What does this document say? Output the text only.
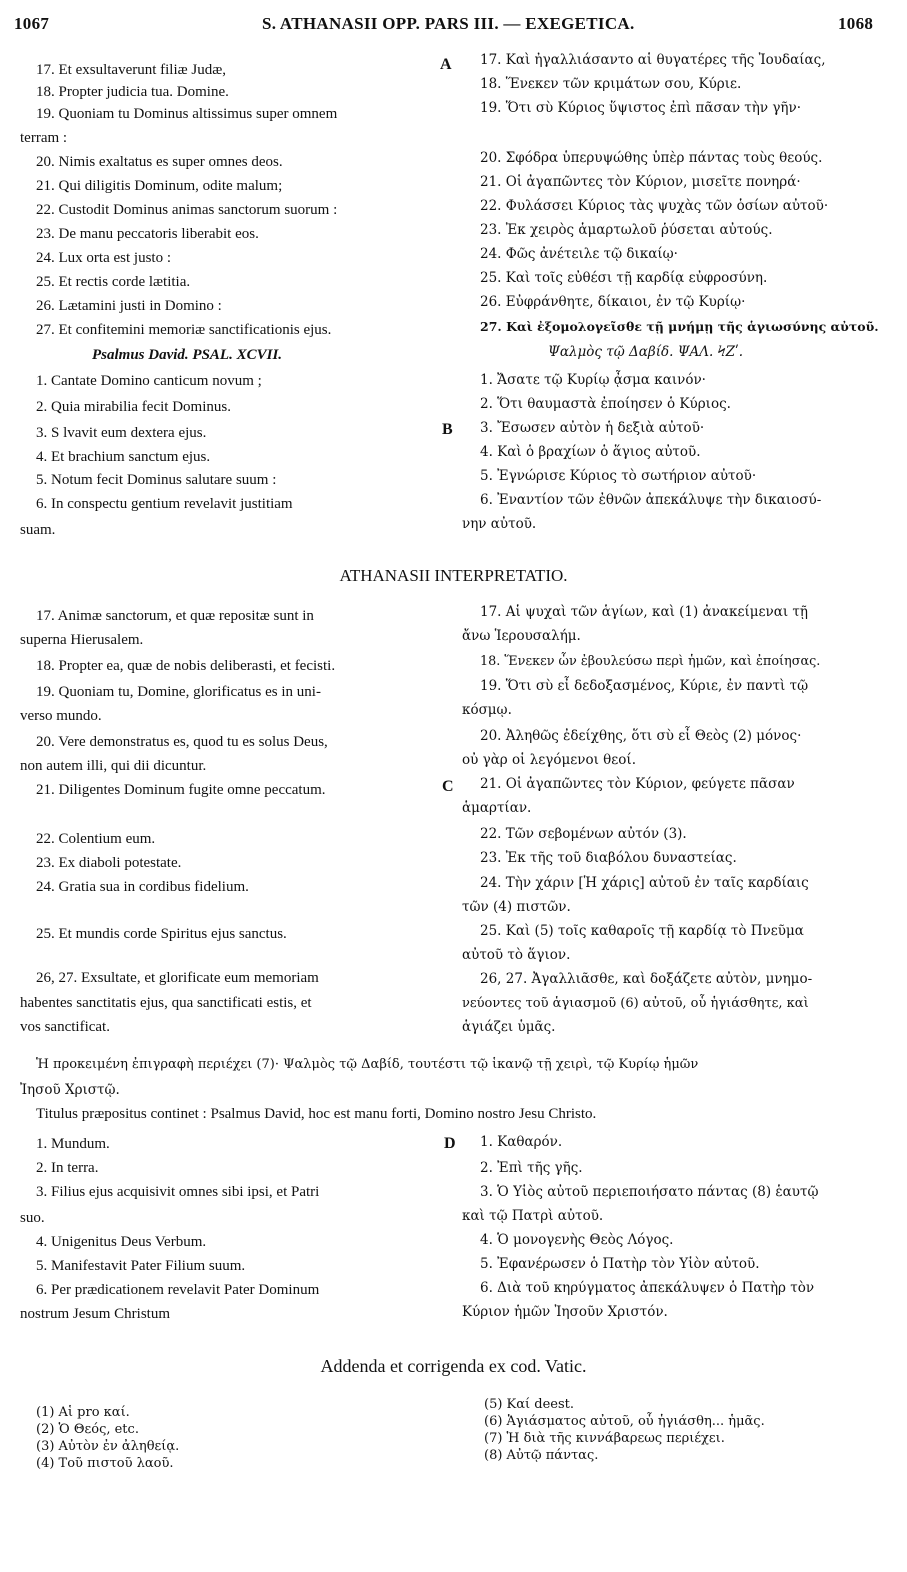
1067	S. ATHANASII OPP. PARS III. — EXEGETICA.	1068
A
B
C
D
17. Et exsultaverunt filiæ Judæ,
18. Propter judicia tua. Domine.
19. Quoniam tu Dominus altissimus super omnem
terram :
20. Nimis exaltatus es super omnes deos.
21. Qui diligitis Dominum, odite malum;
22. Custodit Dominus animas sanctorum suorum :
23. De manu peccatoris liberabit eos.
24. Lux orta est justo :
25. Et rectis corde lætitia.
26. Lætamini justi in Domino :
27. Et confitemini memoriæ sanctificationis ejus.
Psalmus David. PSAL. XCVII.
1. Cantate Domino canticum novum ;
2. Quia mirabilia fecit Dominus.
3. S lvavit eum dextera ejus.
4. Et brachium sanctum ejus.
5. Notum fecit Dominus salutare suum :
6. In conspectu gentium revelavit justitiam
suam.
17. Καὶ ἠγαλλιάσαντο αἱ θυγατέρες τῆς Ἰουδαίας,
18. Ἕνεκεν τῶν κριμάτων σου, Κύριε.
19. Ὅτι σὺ Κύριος ὕψιστος ἐπὶ πᾶσαν τὴν γῆν·
20. Σφόδρα ὑπερυψώθης ὑπὲρ πάντας τοὺς θεούς.
21. Οἱ ἀγαπῶντες τὸν Κύριον, μισεῖτε πονηρά·
22. Φυλάσσει Κύριος τὰς ψυχὰς τῶν ὁσίων αὐτοῦ·
23. Ἐκ χειρὸς ἁμαρτωλοῦ ῥύσεται αὐτούς.
24. Φῶς ἀνέτειλε τῷ δικαίῳ·
25. Καὶ τοῖς εὐθέσι τῇ καρδίᾳ εὐφροσύνη.
26. Εὐφράνθητε, δίκαιοι, ἐν τῷ Κυρίῳ·
27. Καὶ ἐξομολογεῖσθε τῇ μνήμῃ τῆς ἁγιωσύνης αὐτοῦ.
Ψαλμὸς τῷ Δαβίδ. ΨΑΛ. ϞΖʹ.
1. Ἄσατε τῷ Κυρίῳ ᾆσμα καινόν·
2. Ὅτι θαυμαστὰ ἐποίησεν ὁ Κύριος.
3. Ἔσωσεν αὐτὸν ἡ δεξιὰ αὐτοῦ·
4. Καὶ ὁ βραχίων ὁ ἅγιος αὐτοῦ.
5. Ἐγνώρισε Κύριος τὸ σωτήριον αὐτοῦ·
6. Ἐναντίον τῶν ἐθνῶν ἀπεκάλυψε τὴν δικαιοσύ-
νην αὐτοῦ.
ATHANASII INTERPRETATIO.
17. Animæ sanctorum, et quæ repositæ sunt in
superna Hierusalem.
18. Propter ea, quæ de nobis deliberasti, et fecisti.
19. Quoniam tu, Domine, glorificatus es in uni-
verso mundo.
20. Vere demonstratus es, quod tu es solus Deus,
non autem illi, qui dii dicuntur.
21. Diligentes Dominum fugite omne peccatum.
22. Colentium eum.
23. Ex diaboli potestate.
24. Gratia sua in cordibus fidelium.
25. Et mundis corde Spiritus ejus sanctus.
26, 27. Exsultate, et glorificate eum memoriam
habentes sanctitatis ejus, qua sanctificati estis, et
vos sanctificat.
17. Αἱ ψυχαὶ τῶν ἁγίων, καὶ (1) ἀνακείμεναι τῇ
ἄνω Ἱερουσαλήμ.
18. Ἕνεκεν ὧν ἐβουλεύσω περὶ ἡμῶν, καὶ ἐποίησας.
19. Ὅτι σὺ εἶ δεδοξασμένος, Κύριε, ἐν παντὶ τῷ
κόσμῳ.
20. Ἀληθῶς ἐδείχθης, ὅτι σὺ εἶ Θεὸς (2) μόνος·
οὐ γὰρ οἱ λεγόμενοι θεοί.
21. Οἱ ἀγαπῶντες τὸν Κύριον, φεύγετε πᾶσαν
ἁμαρτίαν.
22. Τῶν σεβομένων αὐτόν (3).
23. Ἐκ τῆς τοῦ διαβόλου δυναστείας.
24. Τὴν χάριν [Ἡ χάρις] αὐτοῦ ἐν ταῖς καρδίαις
τῶν (4) πιστῶν.
25. Καὶ (5) τοῖς καθαροῖς τῇ καρδίᾳ τὸ Πνεῦμα
αὐτοῦ τὸ ἅγιον.
26, 27. Ἀγαλλιᾶσθε, καὶ δοξάζετε αὐτὸν, μνημο-
νεύοντες τοῦ ἁγιασμοῦ (6) αὐτοῦ, οὗ ἡγιάσθητε, καὶ
ἁγιάζει ὑμᾶς.
Ἡ προκειμένη ἐπιγραφὴ περιέχει (7)· Ψαλμὸς τῷ Δαβίδ, τουτέστι τῷ ἱκανῷ τῇ χειρὶ, τῷ Κυρίῳ ἡμῶν
Ἰησοῦ Χριστῷ.
Titulus præpositus continet : Psalmus David, hoc est manu forti, Domino nostro Jesu Christo.
1. Mundum.
2. In terra.
3. Filius ejus acquisivit omnes sibi ipsi, et Patri
suo.
4. Unigenitus Deus Verbum.
5. Manifestavit Pater Filium suum.
6. Per prædicationem revelavit Pater Dominum
nostrum Jesum Christum
1. Καθαρόν.
2. Ἐπὶ τῆς γῆς.
3. Ὁ Υἱὸς αὐτοῦ περιεποιήσατο πάντας (8) ἑαυτῷ
καὶ τῷ Πατρὶ αὐτοῦ.
4. Ὁ μονογενὴς Θεὸς Λόγος.
5. Ἐφανέρωσεν ὁ Πατὴρ τὸν Υἱὸν αὐτοῦ.
6. Διὰ τοῦ κηρύγματος ἀπεκάλυψεν ὁ Πατὴρ τὸν
Κύριον ἡμῶν Ἰησοῦν Χριστόν.
Addenda et corrigenda ex cod. Vatic.
(1) Αἱ pro καί.
(2) Ὁ Θεός, etc.
(3) Αὐτὸν ἐν ἀληθείᾳ.
(4) Τοῦ πιστοῦ λαοῦ.
(5) Καί deest.
(6) Ἁγιάσματος αὐτοῦ, οὗ ἡγιάσθη... ἡμᾶς.
(7) Ἡ διὰ τῆς κιννάβαρεως περιέχει.
(8) Αὐτῷ πάντας.
